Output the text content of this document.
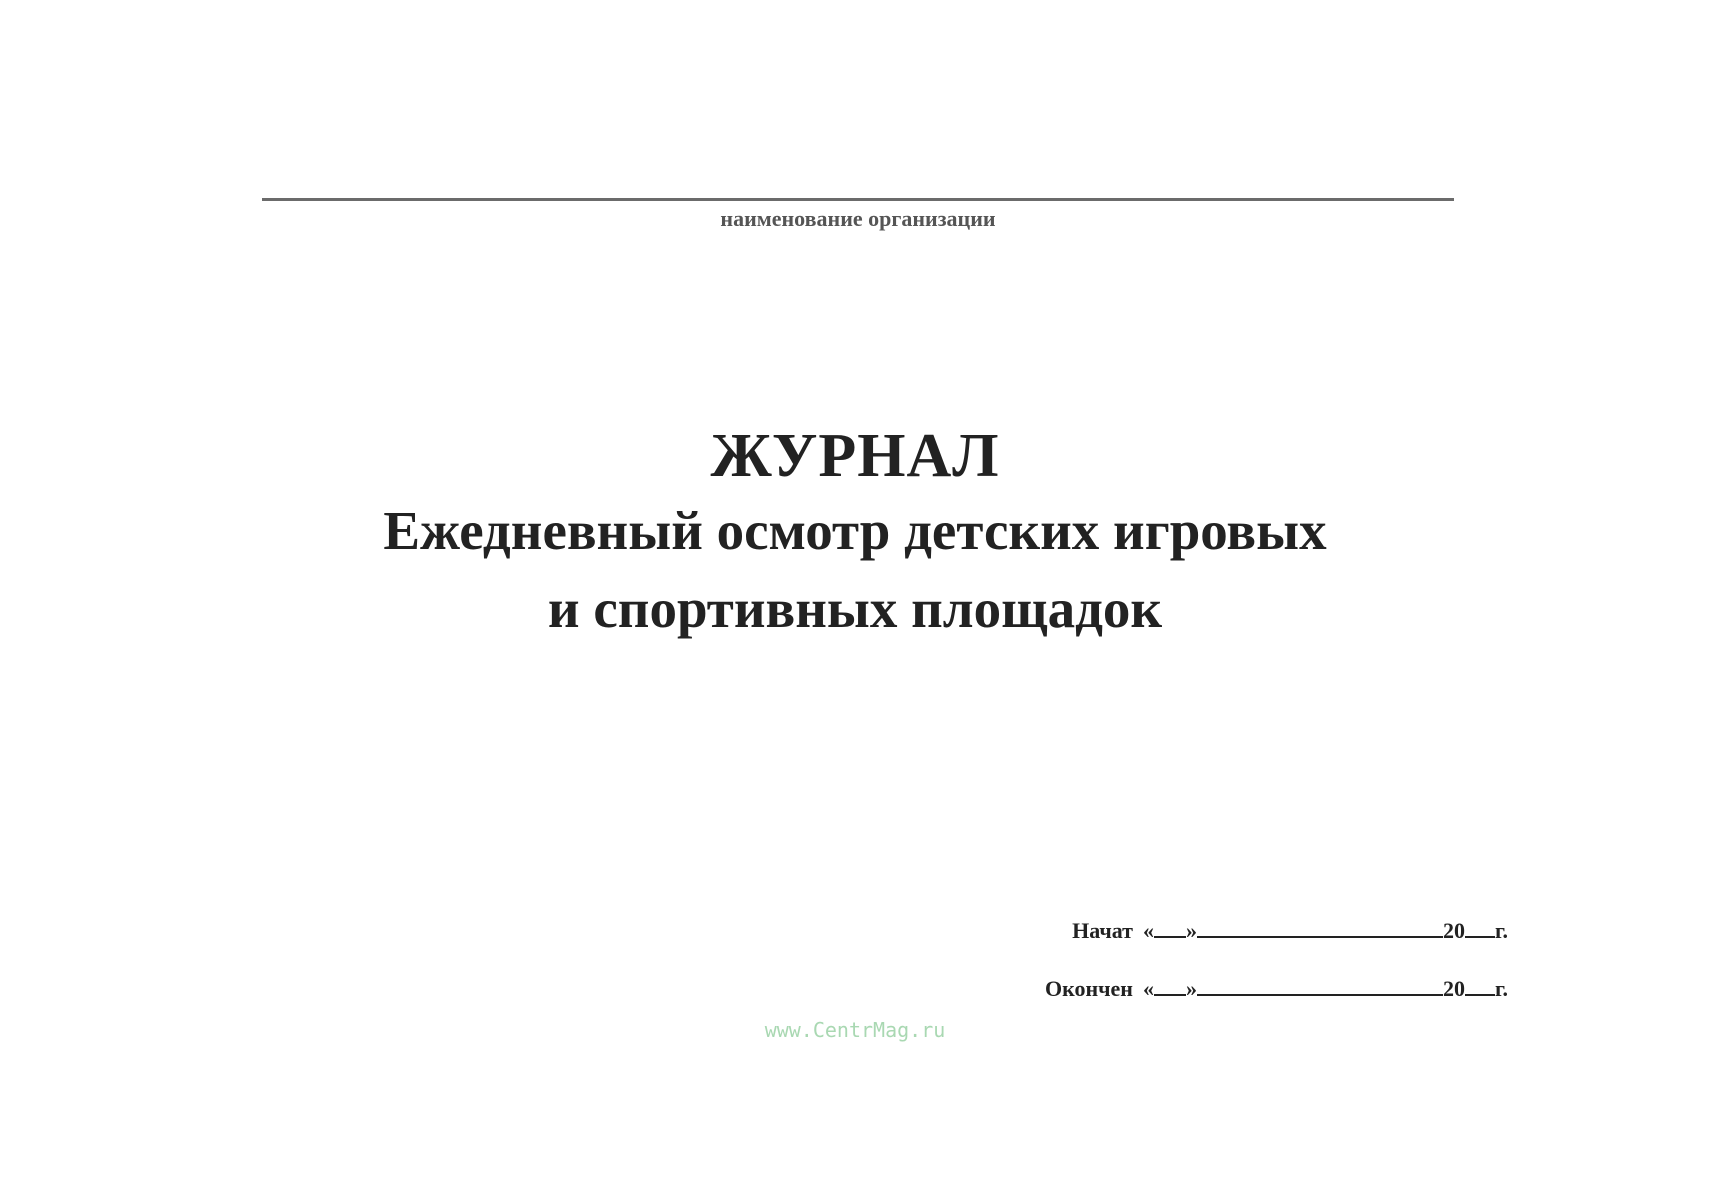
наименование организации
ЖУРНАЛ
Ежедневный осмотр детских игровых
и спортивных площадок
Начат « »	20 г.
Окончен « »	20 г.
www.CentrMag.ru
